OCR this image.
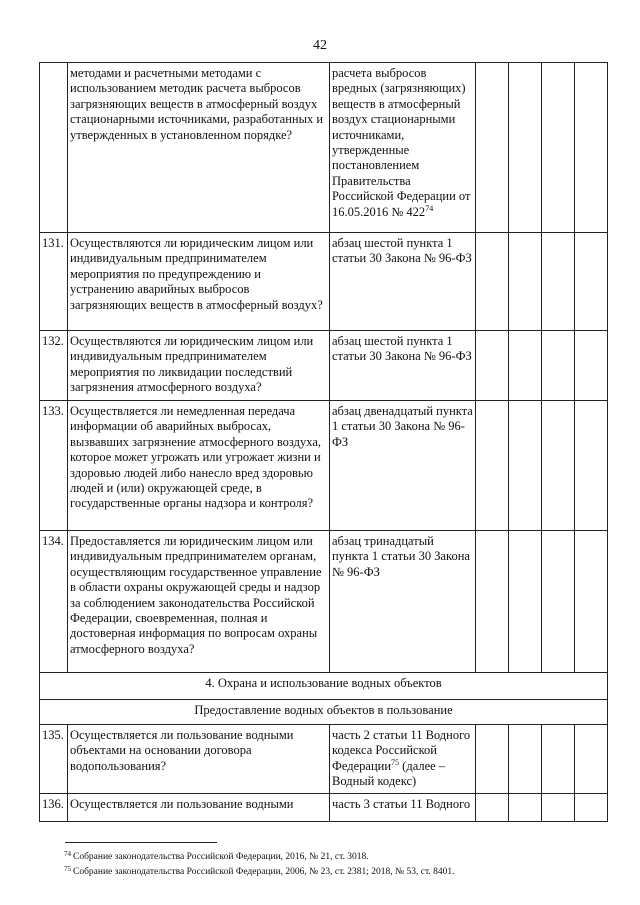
42
	методами и расчетными методами с использованием методик расчета выбросов загрязняющих веществ в атмосферный воздух стационарными источниками, разработанных и утвержденных в установленном порядке?	расчета выбросов вредных (загрязняющих) веществ в атмосферный воздух стационарными источниками, утвержденные постановлением Правительства Российской Федерации от 16.05.2016 № $422^{74}$				
131.	Осуществляются ли юридическим лицом или индивидуальным предпринимателем мероприятия по предупреждению и устранению аварийных выбросов загрязняющих веществ в атмосферный воздух?	абзац шестой пункта 1 статьи 30 Закона № 96-ФЗ				
132.	Осуществляются ли юридическим лицом или индивидуальным предпринимателем мероприятия по ликвидации последствий загрязнения атмосферного воздуха?	абзац шестой пункта 1 статьи 30 Закона № 96-ФЗ				
133.	Осуществляется ли немедленная передача информации об аварийных выбросах, вызвавших загрязнение атмосферного воздуха, которое может угрожать или угрожает жизни и здоровью людей либо нанесло вред здоровью людей и (или) окружающей среде, в государственные органы надзора и контроля?	абзац двенадцатый пункта 1 статьи 30 Закона № 96-ФЗ				
134.	Предоставляется ли юридическим лицом или индивидуальным предпринимателем органам, осуществляющим государственное управление в области охраны окружающей среды и надзор за соблюдением законодательства Российской Федерации, своевременная, полная и достоверная информация по вопросам охраны атмосферного воздуха?	абзац тринадцатый пункта 1 статьи 30 Закона № 96-ФЗ				
4. Охрана и использование водных объектов						
Предоставление водных объектов в пользование						
135.	Осуществляется ли пользование водными объектами на основании договора водопользования?	часть 2 статьи 11 Водного кодекса Российской Федерации$^{75}$ (далее – Водный кодекс)				
136.	Осуществляется ли пользование водными	часть 3 статьи 11 Водного				
$^{74}$ Собрание законодательства Российской Федерации, 2016, № 21, ст. 3018.
$^{75}$ Собрание законодательства Российской Федерации, 2006, № 23, ст. 2381; 2018, № 53, ст. 8401.
